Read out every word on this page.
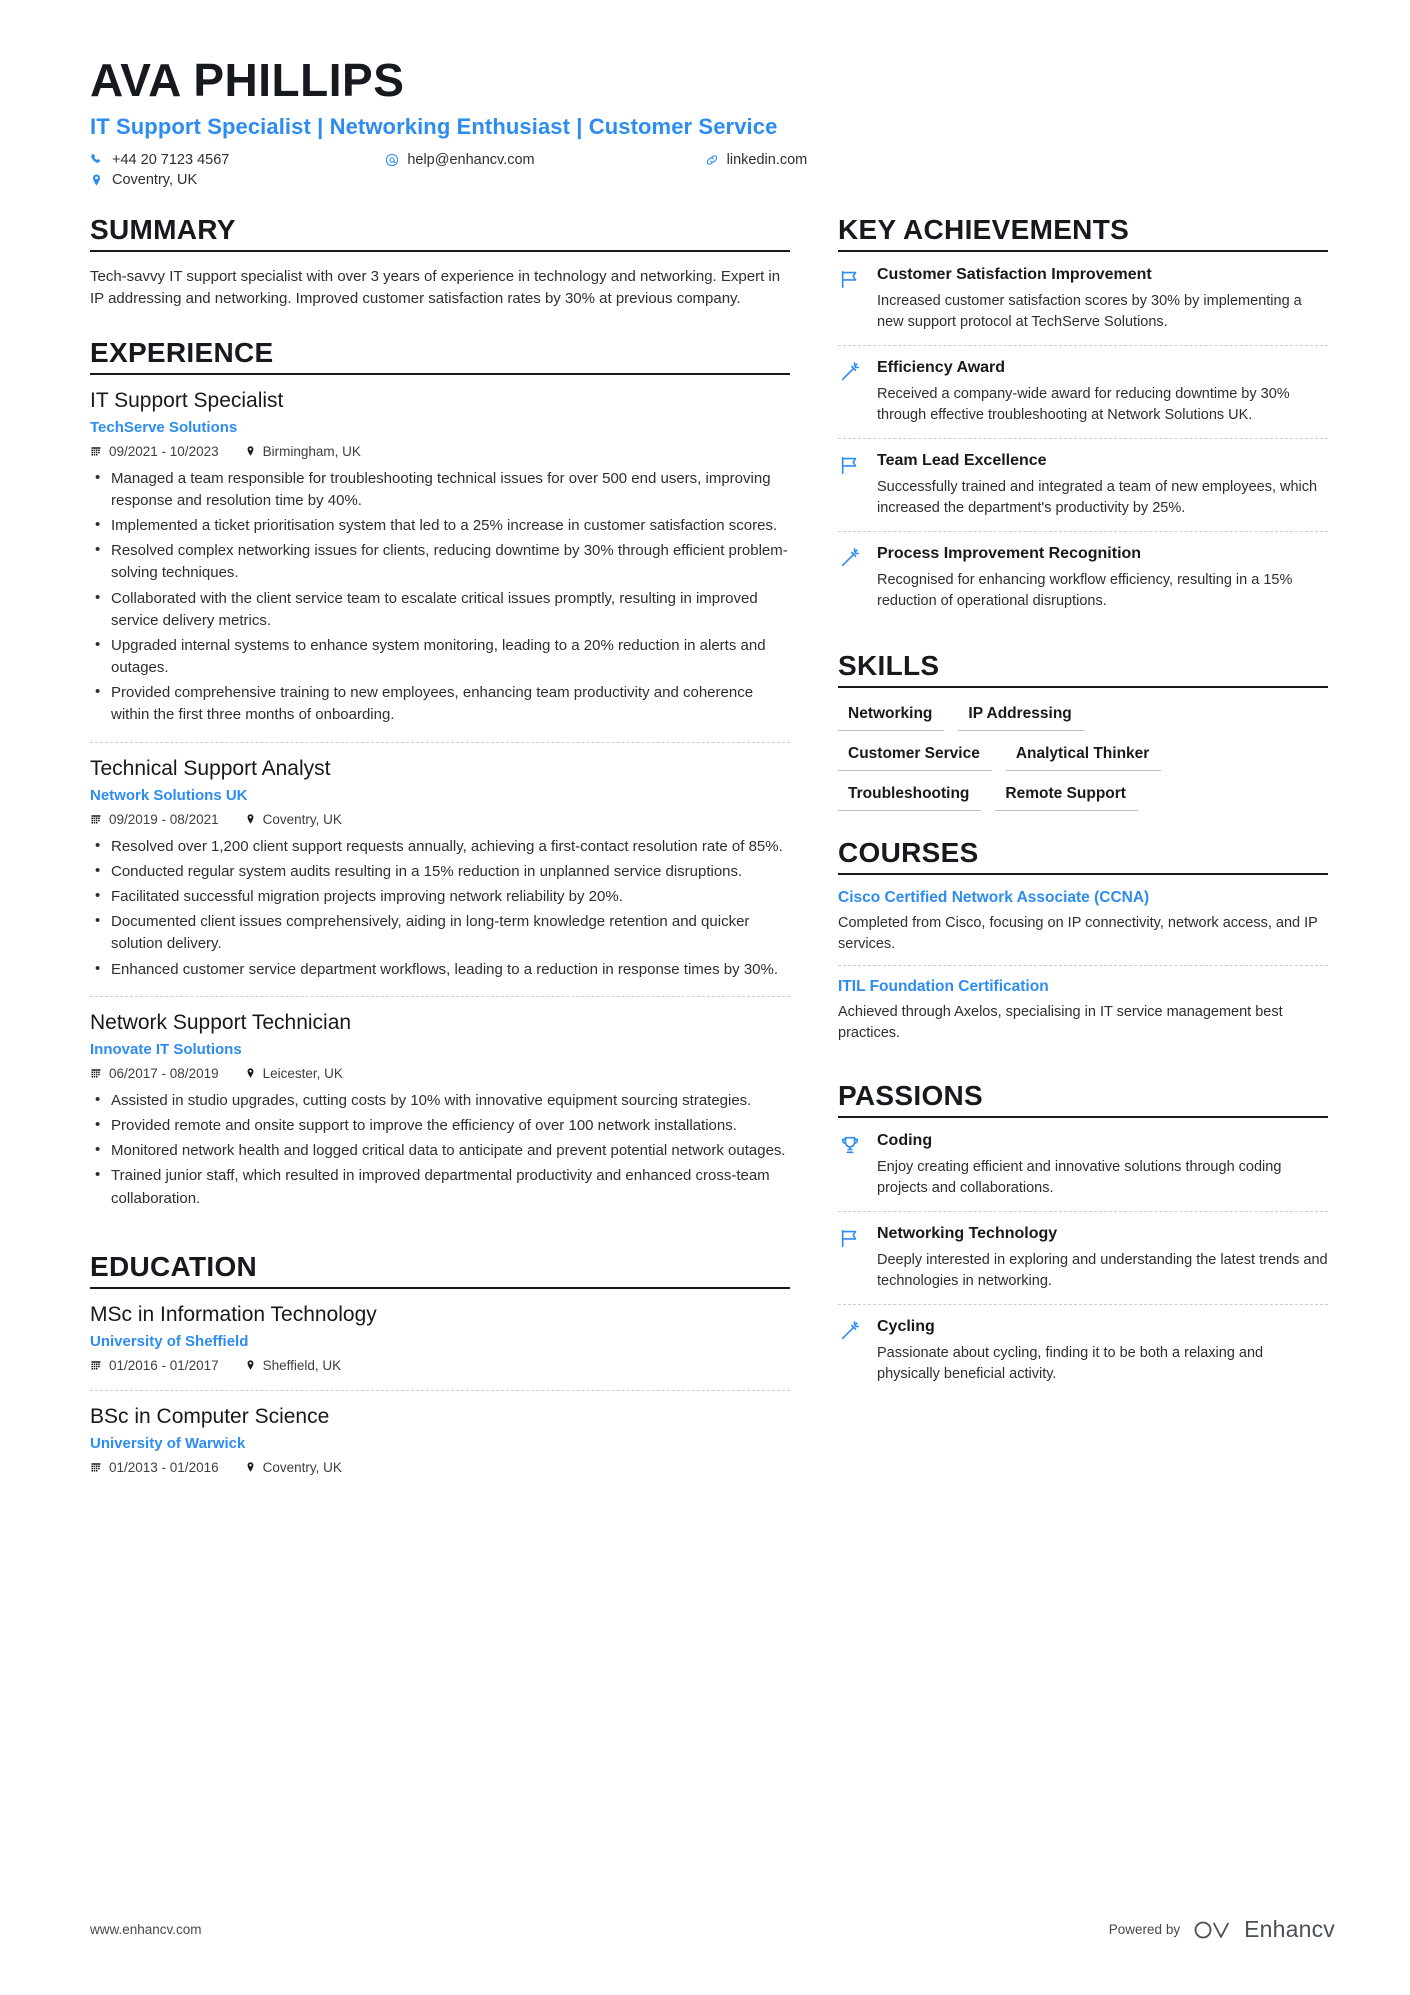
AVA PHILLIPS
IT Support Specialist | Networking Enthusiast | Customer Service
+44 20 7123 4567	help@enhancv.com	linkedin.com
Coventry, UK
SUMMARY
Tech-savvy IT support specialist with over 3 years of experience in technology and networking. Expert in IP addressing and networking. Improved customer satisfaction rates by 30% at previous company.
EXPERIENCE
IT Support Specialist
TechServe Solutions
09/2021 - 10/2023	Birmingham, UK
• Managed a team responsible for troubleshooting technical issues for over 500 end users, improving response and resolution time by 40%.
• Implemented a ticket prioritisation system that led to a 25% increase in customer satisfaction scores.
• Resolved complex networking issues for clients, reducing downtime by 30% through efficient problem-solving techniques.
• Collaborated with the client service team to escalate critical issues promptly, resulting in improved service delivery metrics.
• Upgraded internal systems to enhance system monitoring, leading to a 20% reduction in alerts and outages.
• Provided comprehensive training to new employees, enhancing team productivity and coherence within the first three months of onboarding.
Technical Support Analyst
Network Solutions UK
09/2019 - 08/2021	Coventry, UK
• Resolved over 1,200 client support requests annually, achieving a first-contact resolution rate of 85%.
• Conducted regular system audits resulting in a 15% reduction in unplanned service disruptions.
• Facilitated successful migration projects improving network reliability by 20%.
• Documented client issues comprehensively, aiding in long-term knowledge retention and quicker solution delivery.
• Enhanced customer service department workflows, leading to a reduction in response times by 30%.
Network Support Technician
Innovate IT Solutions
06/2017 - 08/2019	Leicester, UK
• Assisted in studio upgrades, cutting costs by 10% with innovative equipment sourcing strategies.
• Provided remote and onsite support to improve the efficiency of over 100 network installations.
• Monitored network health and logged critical data to anticipate and prevent potential network outages.
• Trained junior staff, which resulted in improved departmental productivity and enhanced cross-team collaboration.
EDUCATION
MSc in Information Technology
University of Sheffield
01/2016 - 01/2017	Sheffield, UK
BSc in Computer Science
University of Warwick
01/2013 - 01/2016	Coventry, UK
KEY ACHIEVEMENTS
Customer Satisfaction Improvement
Increased customer satisfaction scores by 30% by implementing a new support protocol at TechServe Solutions.
Efficiency Award
Received a company-wide award for reducing downtime by 30% through effective troubleshooting at Network Solutions UK.
Team Lead Excellence
Successfully trained and integrated a team of new employees, which increased the department's productivity by 25%.
Process Improvement Recognition
Recognised for enhancing workflow efficiency, resulting in a 15% reduction of operational disruptions.
SKILLS
Networking	IP Addressing
Customer Service	Analytical Thinker
Troubleshooting	Remote Support
COURSES
Cisco Certified Network Associate (CCNA)
Completed from Cisco, focusing on IP connectivity, network access, and IP services.
ITIL Foundation Certification
Achieved through Axelos, specialising in IT service management best practices.
PASSIONS
Coding
Enjoy creating efficient and innovative solutions through coding projects and collaborations.
Networking Technology
Deeply interested in exploring and understanding the latest trends and technologies in networking.
Cycling
Passionate about cycling, finding it to be both a relaxing and physically beneficial activity.
www.enhancv.com	Powered by	Enhancv
